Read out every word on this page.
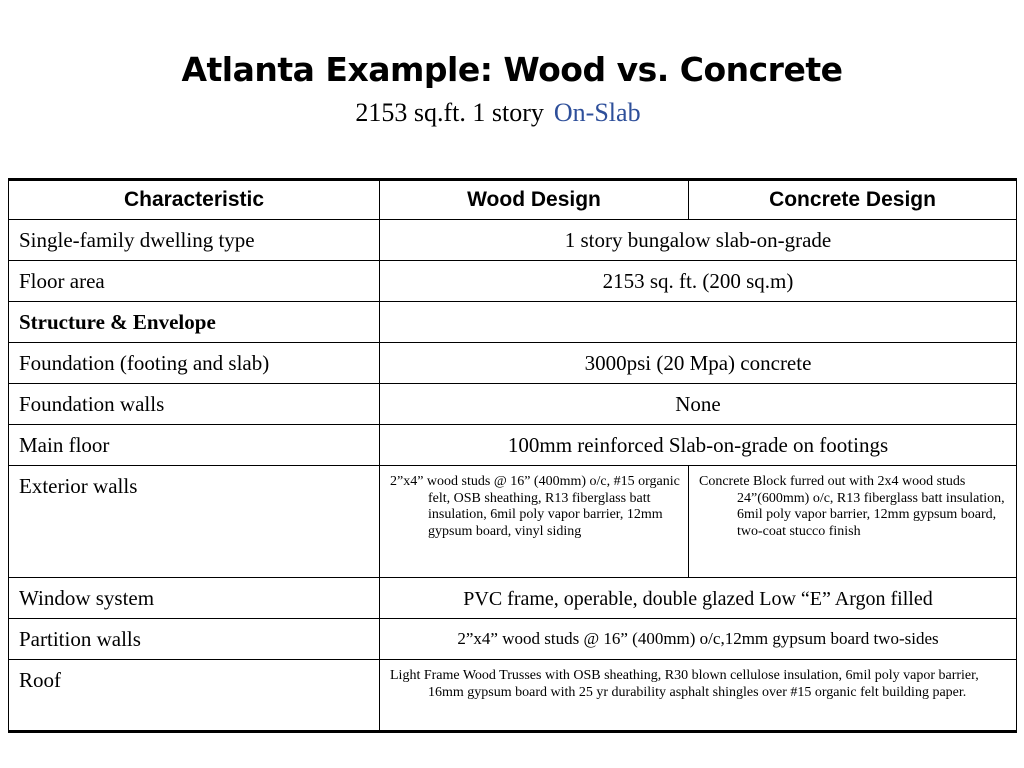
Atlanta Example: Wood vs. Concrete
2153 sq.ft. 1 story On-Slab
Characteristic	Wood Design	Concrete Design
Single-family dwelling type	1 story bungalow slab-on-grade	
Floor area	2153 sq. ft. (200 sq.m)	
Structure & Envelope		
Foundation (footing and slab)	3000psi (20 Mpa) concrete	
Foundation walls	None	
Main floor	100mm reinforced Slab-on-grade on footings	
Exterior walls	2”x4” wood studs @ 16” (400mm) o/c, #15 organic felt, OSB sheathing, R13 fiberglass batt insulation, 6mil poly vapor barrier, 12mm gypsum board, vinyl siding	Concrete Block furred out with 2x4 wood studs 24”(600mm) o/c, R13 fiberglass batt insulation, 6mil poly vapor barrier, 12mm gypsum board, two-coat stucco finish

Window system	PVC frame, operable, double glazed Low “E” Argon filled	
Partition walls	2”x4” wood studs @ 16” (400mm) o/c,12mm gypsum board two-sides	
Roof	Light Frame Wood Trusses with OSB sheathing, R30 blown cellulose insulation, 6mil poly vapor barrier, 16mm gypsum board with 25 yr durability asphalt shingles over #15 organic felt building paper.	
